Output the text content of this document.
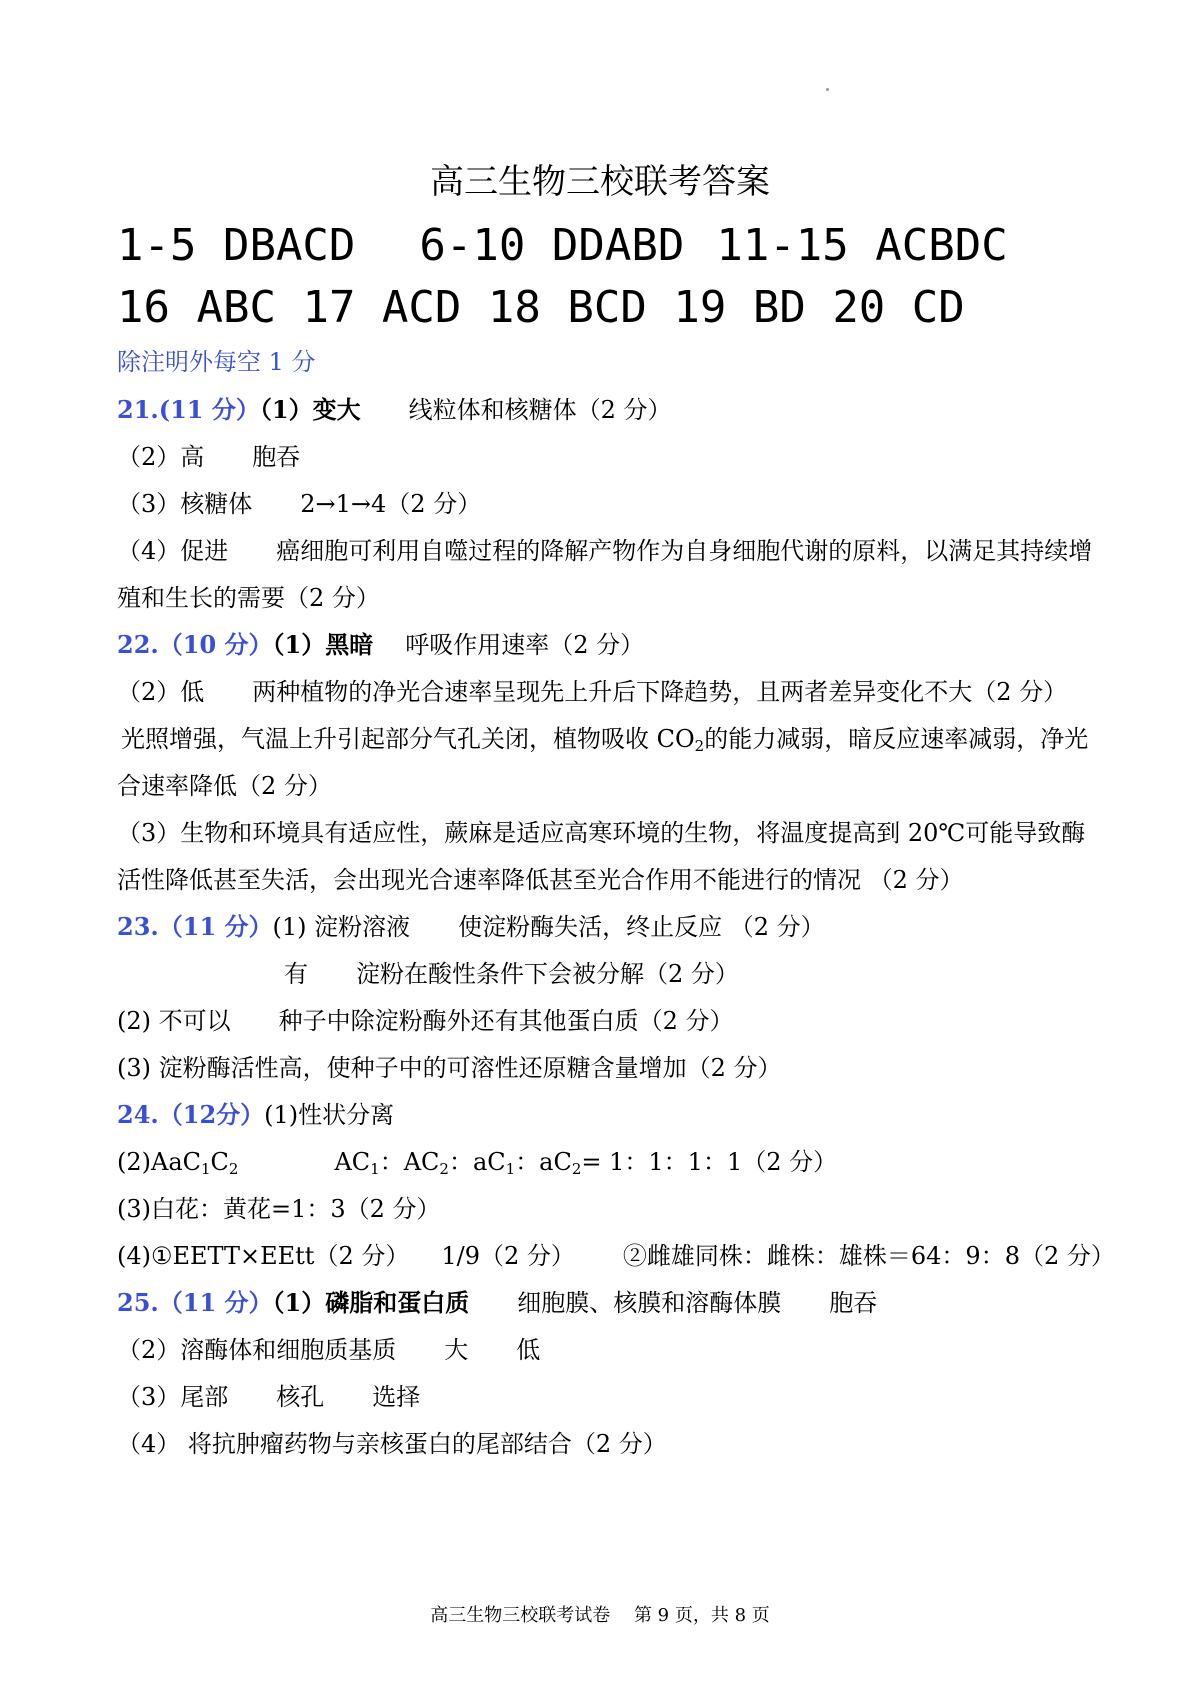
高三生物三校联考答案
1-5 DBACD 6-10 DDABD 11-15 ACBDC
16 ABC 17 ACD 18 BCD 19 BD 20 CD
除注明外每空 1 分
21.(11 分）（1）变大 线粒体和核糖体（2 分）
（2）高 胞吞
（3）核糖体 2→1→4（2 分）
（4）促进 癌细胞可利用自噬过程的降解产物作为自身细胞代谢的原料，以满足其持续增
殖和生长的需要（2 分）
22.（10 分）（1）黑暗 呼吸作用速率（2 分）
（2）低 两种植物的净光合速率呈现先上升后下降趋势，且两者差异变化不大（2 分）
光照增强，气温上升引起部分气孔关闭，植物吸收 $CO_2$的能力减弱，暗反应速率减弱，净光
合速率降低（2 分）
（3）生物和环境具有适应性，蕨麻是适应高寒环境的生物，将温度提高到 20℃可能导致酶
活性降低甚至失活，会出现光合速率降低甚至光合作用不能进行的情况 （2 分）
23.（11 分）(1) 淀粉溶液 使淀粉酶失活，终止反应 （2 分）
有 淀粉在酸性条件下会被分解（2 分）
(2) 不可以 种子中除淀粉酶外还有其他蛋白质（2 分）
(3) 淀粉酶活性高，使种子中的可溶性还原糖含量增加（2 分）
24.（12分）(1)性状分离
$(2)AaC_1C_2$	$AC_1$：$AC_2$：$aC_1$：$aC_2= 1$：1：1：1（2 分）
(3)白花：黄花=1：3（2 分）
(4)①EETT×EEtt（2 分） 1/9（2 分） ②雌雄同株：雌株：雄株＝64：9：8（2 分）
25.（11 分）（1）磷脂和蛋白质 细胞膜、核膜和溶酶体膜 胞吞
（2）溶酶体和细胞质基质 大 低
（3）尾部 核孔 选择
（4） 将抗肿瘤药物与亲核蛋白的尾部结合（2 分）
高三生物三校联考试卷　 第 9 页，共 8 页
